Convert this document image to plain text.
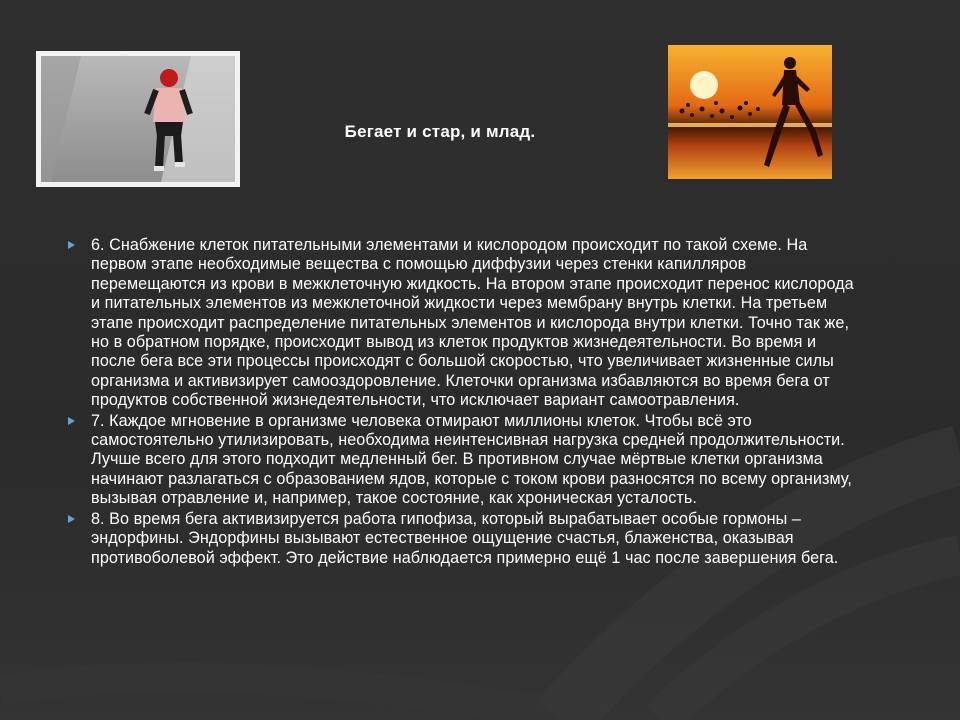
Бегает и стар, и млад.
6. Снабжение клеток питательными элементами и кислородом происходит по такой схеме. На первом этапе необходимые вещества с помощью диффузии через стенки капилляров перемещаются из крови в межклеточную жидкость. На втором этапе происходит перенос кислорода и питательных элементов из межклеточной жидкости через мембрану внутрь клетки. На третьем этапе происходит распределение питательных элементов и кислорода внутри клетки. Точно так же, но в обратном порядке, происходит вывод из клеток продуктов жизнедеятельности. Во время и после бега все эти процессы происходят с большой скоростью, что увеличивает жизненные силы организма и активизирует самооздоровление. Клеточки организма избавляются во время бега от продуктов собственной жизнедеятельности, что исключает вариант самоотравления.
7. Каждое мгновение в организме человека отмирают миллионы клеток. Чтобы всё это самостоятельно утилизировать, необходима неинтенсивная нагрузка средней продолжительности. Лучше всего для этого подходит медленный бег. В противном случае мёртвые клетки организма начинают разлагаться с образованием ядов, которые с током крови разносятся по всему организму, вызывая отравление и, например, такое состояние, как хроническая усталость.
8. Во время бега активизируется работа гипофиза, который вырабатывает особые гормоны – эндорфины. Эндорфины вызывают естественное ощущение счастья, блаженства, оказывая противоболевой эффект. Это действие наблюдается примерно ещё 1 час после завершения бега.
